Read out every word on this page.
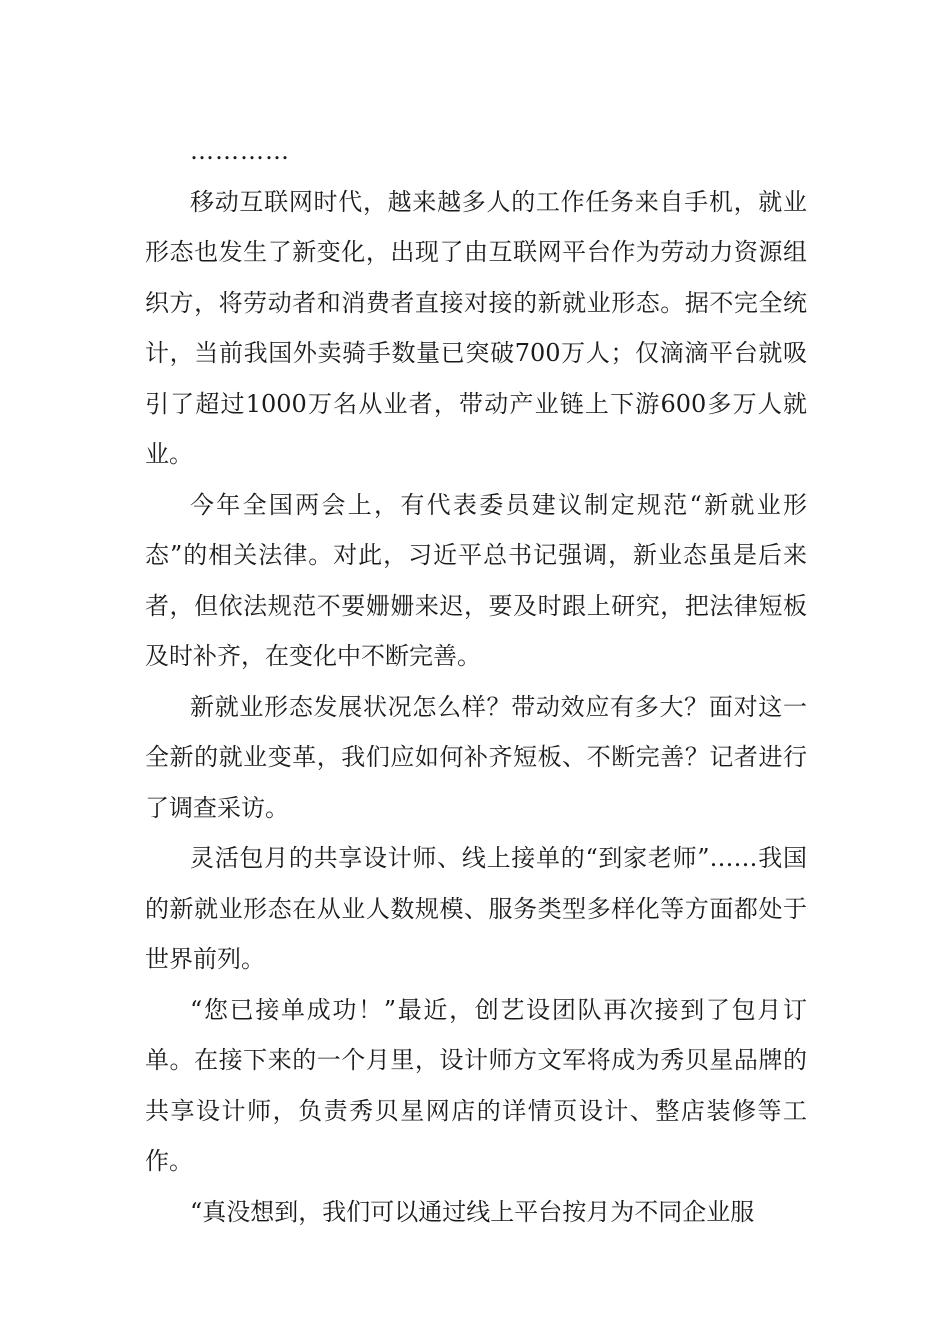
…………

移动互联网时代，越来越多人的工作任务来自手机，就业形态也发生了新变化，出现了由互联网平台作为劳动力资源组织方，将劳动者和消费者直接对接的新就业形态。据不完全统计，当前我国外卖骑手数量已突破700万人；仅滴滴平台就吸引了超过1000万名从业者，带动产业链上下游600多万人就业。

今年全国两会上，有代表委员建议制定规范“新就业形态”的相关法律。对此，习近平总书记强调，新业态虽是后来者，但依法规范不要姗姗来迟，要及时跟上研究，把法律短板及时补齐，在变化中不断完善。

新就业形态发展状况怎么样？带动效应有多大？面对这一全新的就业变革，我们应如何补齐短板、不断完善？记者进行了调查采访。

灵活包月的共享设计师、线上接单的“到家老师”……我国的新就业形态在从业人数规模、服务类型多样化等方面都处于世界前列。

“您已接单成功！”最近，创艺设团队再次接到了包月订单。在接下来的一个月里，设计师方文军将成为秀贝星品牌的共享设计师，负责秀贝星网店的详情页设计、整店装修等工作。

“真没想到，我们可以通过线上平台按月为不同企业服
